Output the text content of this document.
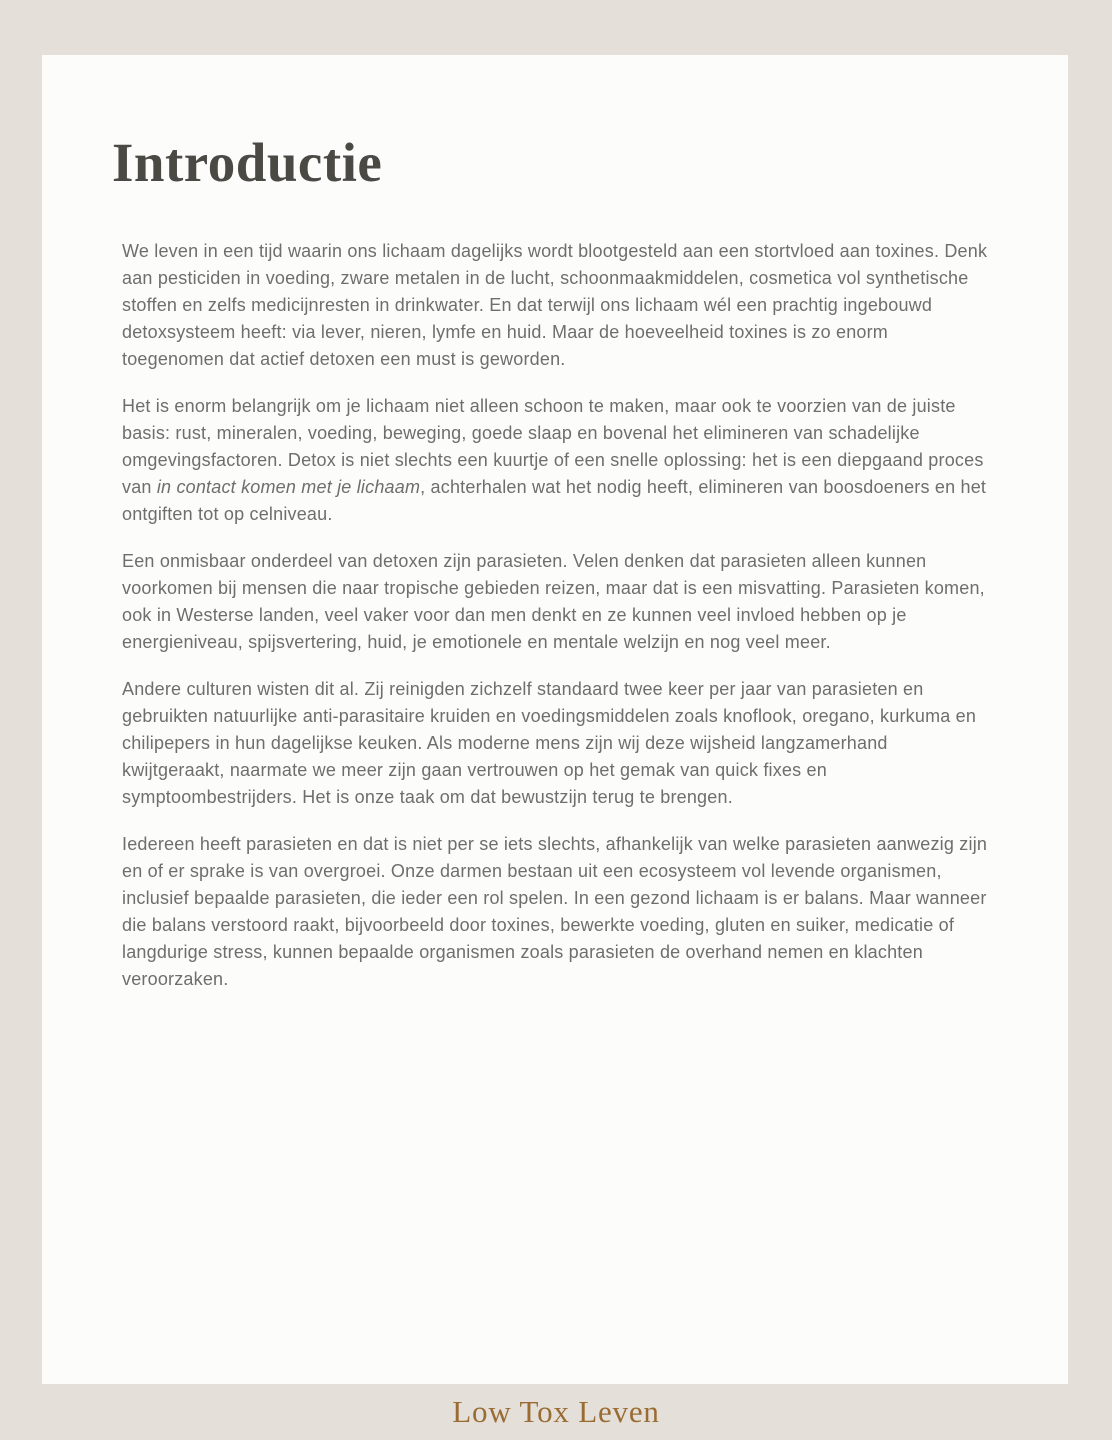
Introductie

We leven in een tijd waarin ons lichaam dagelijks wordt blootgesteld aan een stortvloed aan toxines. Denk aan pesticiden in voeding, zware metalen in de lucht, schoonmaakmiddelen, cosmetica vol synthetische stoffen en zelfs medicijnresten in drinkwater. En dat terwijl ons lichaam wél een prachtig ingebouwd detoxsysteem heeft: via lever, nieren, lymfe en huid. Maar de hoeveelheid toxines is zo enorm toegenomen dat actief detoxen een must is geworden.

Het is enorm belangrijk om je lichaam niet alleen schoon te maken, maar ook te voorzien van de juiste basis: rust, mineralen, voeding, beweging, goede slaap en bovenal het elimineren van schadelijke omgevingsfactoren. Detox is niet slechts een kuurtje of een snelle oplossing: het is een diepgaand proces van in contact komen met je lichaam, achterhalen wat het nodig heeft, elimineren van boosdoeners en het ontgiften tot op celniveau.

Een onmisbaar onderdeel van detoxen zijn parasieten. Velen denken dat parasieten alleen kunnen voorkomen bij mensen die naar tropische gebieden reizen, maar dat is een misvatting. Parasieten komen, ook in Westerse landen, veel vaker voor dan men denkt en ze kunnen veel invloed hebben op je energieniveau, spijsvertering, huid, je emotionele en mentale welzijn en nog veel meer.

Andere culturen wisten dit al. Zij reinigden zichzelf standaard twee keer per jaar van parasieten en gebruikten natuurlijke anti-parasitaire kruiden en voedingsmiddelen zoals knoflook, oregano, kurkuma en chilipepers in hun dagelijkse keuken. Als moderne mens zijn wij deze wijsheid langzamerhand kwijtgeraakt, naarmate we meer zijn gaan vertrouwen op het gemak van quick fixes en symptoombestrijders. Het is onze taak om dat bewustzijn terug te brengen.

Iedereen heeft parasieten en dat is niet per se iets slechts, afhankelijk van welke parasieten aanwezig zijn en of er sprake is van overgroei. Onze darmen bestaan uit een ecosysteem vol levende organismen, inclusief bepaalde parasieten, die ieder een rol spelen. In een gezond lichaam is er balans. Maar wanneer die balans verstoord raakt, bijvoorbeeld door toxines, bewerkte voeding, gluten en suiker, medicatie of langdurige stress, kunnen bepaalde organismen zoals parasieten de overhand nemen en klachten veroorzaken.

Low Tox Leven
